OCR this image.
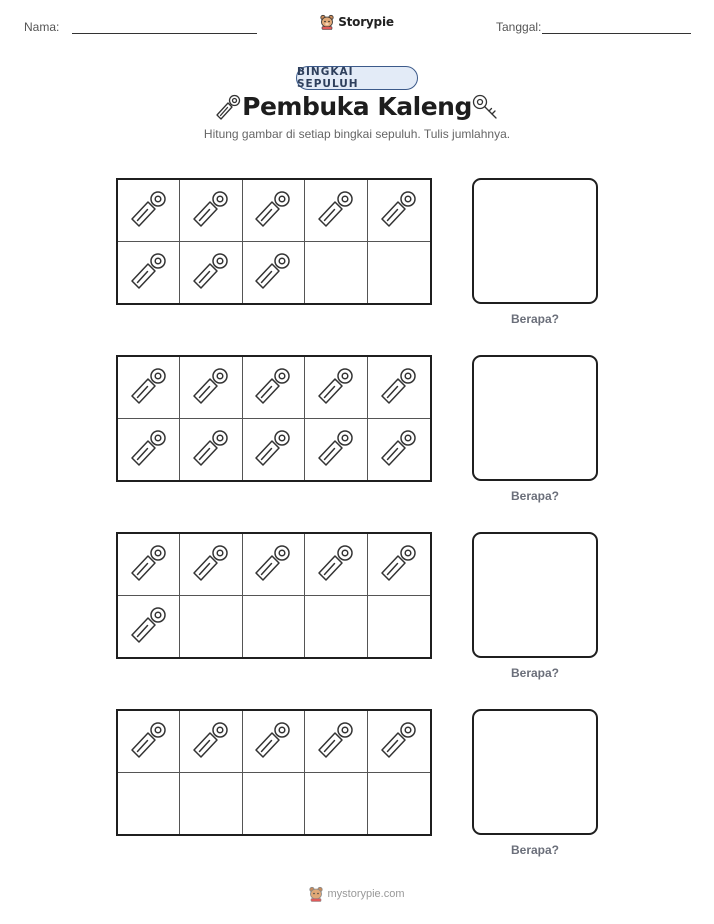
Nama:	Storypie	Tanggal:
BINGKAI SEPULUH
Pembuka Kaleng
Hitung gambar di setiap bingkai sepuluh. Tulis jumlahnya.
Berapa?
Berapa?
Berapa?
Berapa?
mystorypie.com
